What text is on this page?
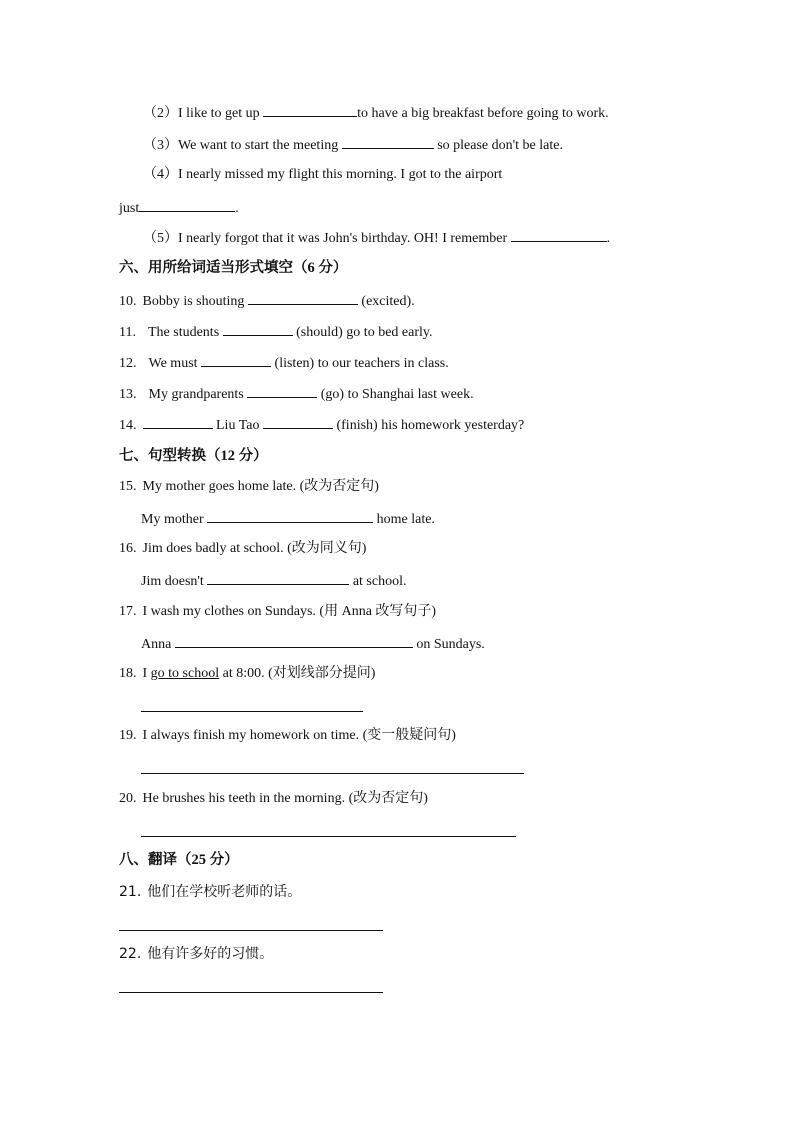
（2）I like to get up	to have a big breakfast before going to work.
（3）We want to start the meeting	so please don't be late.
（4）I nearly missed my flight this morning. I got to the airport
just	.
（5）I nearly forgot that it was John's birthday. OH! I remember	.
六、用所给词适当形式填空（6 分）
10. Bobby is shouting	(excited).
11. The students	(should) go to bed early.
12. We must	(listen) to our teachers in class.
13. My grandparents	(go) to Shanghai last week.
14.	Liu Tao	(finish) his homework yesterday?
七、句型转换（12 分）
15. My mother goes home late. (改为否定句)
My mother	home late.
16. Jim does badly at school. (改为同义句)
Jim doesn't	at school.
17. I wash my clothes on Sundays. (用 Anna 改写句子)
Anna	on Sundays.
18. I go to school at 8:00. (对划线部分提问)
19. I always finish my homework on time. (变一般疑问句)
20. He brushes his teeth in the morning. (改为否定句)
八、翻译（25 分）
21. 他们在学校听老师的话。
22. 他有许多好的习惯。
